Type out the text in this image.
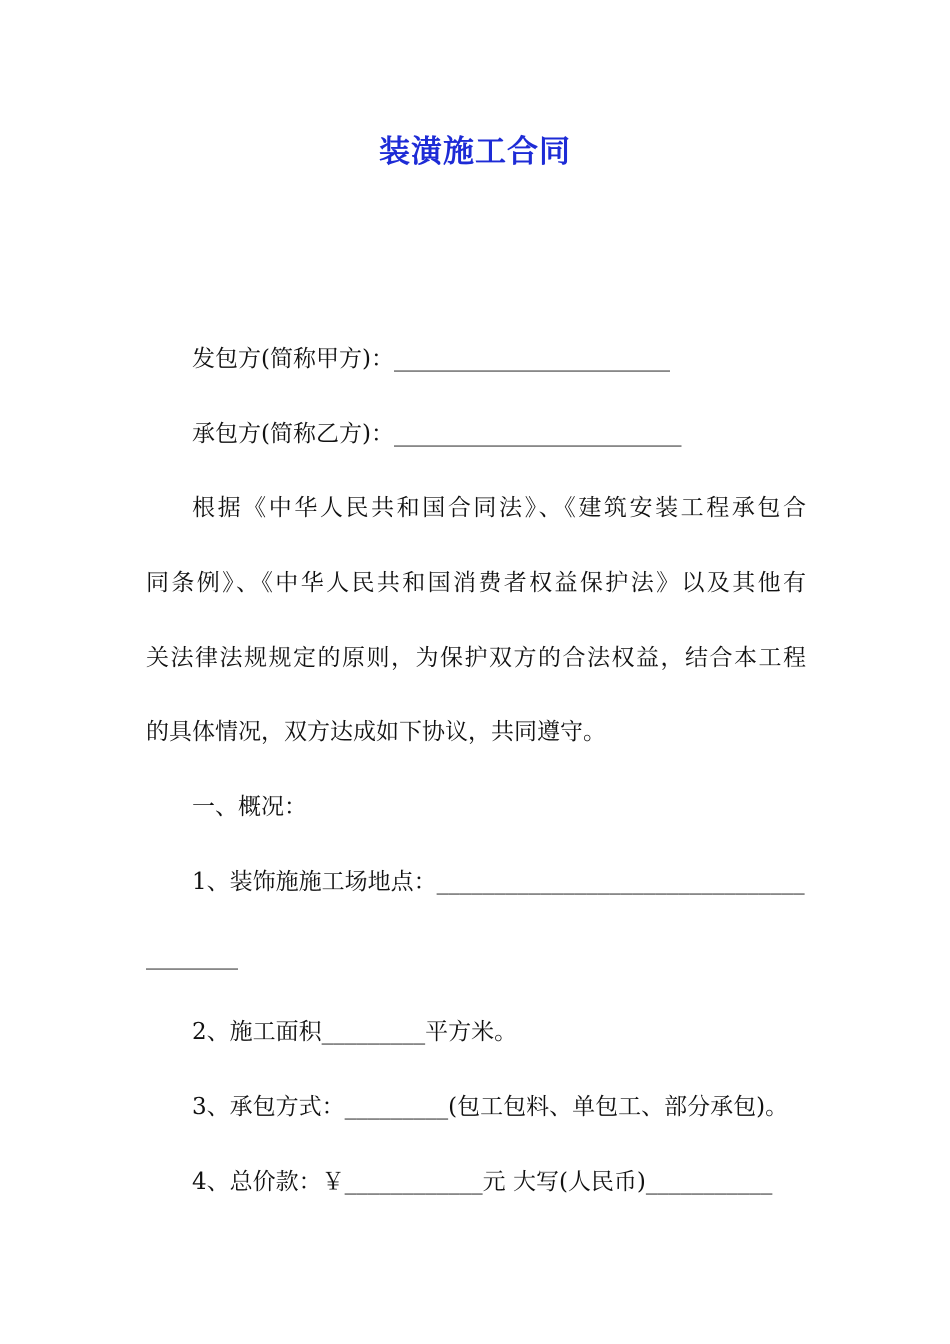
装潢施工合同
发包方(简称甲方)：________________________
承包方(简称乙方)：_________________________
根据《中华人民共和国合同法》、《建筑安装工程承包合
同条例》、《中华人民共和国消费者权益保护法》以及其他有
关法律法规规定的原则，为保护双方的合法权益，结合本工程
的具体情况，双方达成如下协议，共同遵守。
一、概况：
1、装饰施施工场地点：________________________________
________
2、施工面积_________平方米。
3、承包方式：_________(包工包料、单包工、部分承包)。
4、总价款：￥____________元 大写(人民币)___________
